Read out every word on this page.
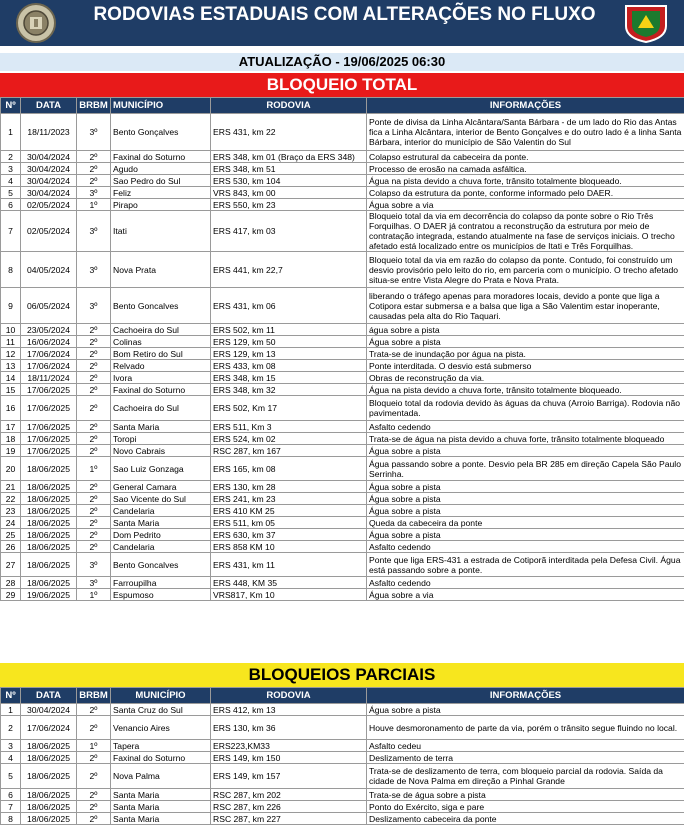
RODOVIAS ESTADUAIS COM ALTERAÇÕES NO FLUXO
ATUALIZAÇÃO - 19/06/2025 06:30
BLOQUEIO TOTAL
Nº	DATA	BRBM	MUNICÍPIO	RODOVIA	INFORMAÇÕES
1	18/11/2023	3º	Bento Gonçalves	ERS 431, km 22	Ponte de divisa da Linha Alcântara/Santa Bárbara - de um lado do Rio das Antas fica a Linha Alcântara, interior de Bento Gonçalves e do outro lado é a linha Santa Bárbara, interior do município de São Valentin do Sul
2	30/04/2024	2º	Faxinal do Soturno	ERS 348, km 01 (Braço da ERS 348)	Colapso estrutural da cabeceira da ponte.
3	30/04/2024	2º	Agudo	ERS 348, km 51	Processo de erosão na camada asfáltica.
4	30/04/2024	2º	Sao Pedro do Sul	ERS 530, km 104	Água na pista devido a chuva forte, trânsito totalmente bloqueado.
5	30/04/2024	3º	Feliz	VRS 843, km 00	Colapso da estrutura da ponte, conforme informado pelo DAER.
6	02/05/2024	1º	Pirapo	ERS 550, km 23	Água sobre a via
7	02/05/2024	3º	Itati	ERS 417, km 03	Bloqueio total da via em decorrência do colapso da ponte sobre o Rio Três Forquilhas. O DAER já contratou a reconstrução da estrutura por meio de contratação integrada, estando atualmente na fase de serviços iniciais. O trecho afetado está localizado entre os municípios de Itati e Três Forquilhas.
8	04/05/2024	3º	Nova Prata	ERS 441, km 22,7	Bloqueio total da via em razão do colapso da ponte. Contudo, foi construído um desvio provisório pelo leito do rio, em parceria com o município. O trecho afetado situa-se entre Vista Alegre do Prata e Nova Prata.
9	06/05/2024	3º	Bento Goncalves	ERS 431, km 06	liberando o tráfego apenas para moradores locais, devido a ponte que liga a Cotipora estar submersa e a balsa que liga a São Valentim estar inoperante, causadas pela alta do Rio Taquari.
10	23/05/2024	2º	Cachoeira do Sul	ERS 502, km 11	água sobre a pista
11	16/06/2024	2º	Colinas	ERS 129, km 50	Água sobre a pista
12	17/06/2024	2º	Bom Retiro do Sul	ERS 129, km 13	Trata-se de inundação por água na pista.
13	17/06/2024	2º	Relvado	ERS 433, km 08	Ponte interditada. O desvio está submerso
14	18/11/2024	2º	Ivora	ERS 348, km 15	Obras de reconstrução da via.
15	17/06/2025	2º	Faxinal do Soturno	ERS 348, km 32	Água na pista devido a chuva forte, trânsito totalmente bloqueado.
16	17/06/2025	2º	Cachoeira do Sul	ERS 502, Km 17	Bloqueio total da rodovia devido às águas da chuva (Arroio Barriga). Rodovia não pavimentada.
17	17/06/2025	2º	Santa Maria	ERS 511, Km 3	Asfalto cedendo
18	17/06/2025	2º	Toropi	ERS 524, km 02	Trata-se de água na pista devido a chuva forte, trânsito totalmente bloqueado
19	17/06/2025	2º	Novo Cabrais	RSC 287, km 167	Água sobre a pista
20	18/06/2025	1º	Sao Luiz Gonzaga	ERS 165, km 08	Água passando sobre a ponte. Desvio pela BR 285 em direção Capela São Paulo Serrinha.
21	18/06/2025	2º	General Camara	ERS 130, km 28	Água sobre a pista
22	18/06/2025	2º	Sao Vicente do Sul	ERS 241, km 23	Água sobre a pista
23	18/06/2025	2º	Candelaria	ERS 410 KM 25	Água sobre a pista
24	18/06/2025	2º	Santa Maria	ERS 511, km 05	Queda da cabeceira da ponte
25	18/06/2025	2º	Dom Pedrito	ERS 630, km 37	Água sobre a pista
26	18/06/2025	2º	Candelaria	ERS 858 KM 10	Asfalto cedendo
27	18/06/2025	3º	Bento Goncalves	ERS 431, km 11	Ponte que liga ERS-431 a estrada de Cotiporã interditada pela Defesa Civil. Água está passando sobre a ponte.
28	18/06/2025	3º	Farroupilha	ERS 448, KM 35	Asfalto cedendo
29	19/06/2025	1º	Espumoso	VRS817, Km 10	Água sobre a via
BLOQUEIOS PARCIAIS
Nº	DATA	BRBM	MUNICÍPIO	RODOVIA	INFORMAÇÕES
1	30/04/2024	2º	Santa Cruz do Sul	ERS 412, km 13	Água sobre a pista
2	17/06/2024	2º	Venancio Aires	ERS 130, km 36	Houve desmoronamento de parte da via, porém o trânsito segue fluindo no local.
3	18/06/2025	1º	Tapera	ERS223,KM33	Asfalto cedeu
4	18/06/2025	2º	Faxinal do Soturno	ERS 149, km 150	Deslizamento de terra
5	18/06/2025	2º	Nova Palma	ERS 149, km 157	Trata-se de deslizamento de terra, com bloqueio parcial da rodovia. Saída da cidade de Nova Palma em direção a Pinhal Grande
6	18/06/2025	2º	Santa Maria	RSC 287, km 202	Trata-se de água sobre a pista
7	18/06/2025	2º	Santa Maria	RSC 287, km 226	Ponto do Exército, siga e pare
8	18/06/2025	2º	Santa Maria	RSC 287, km 227	Deslizamento cabeceira da ponte
